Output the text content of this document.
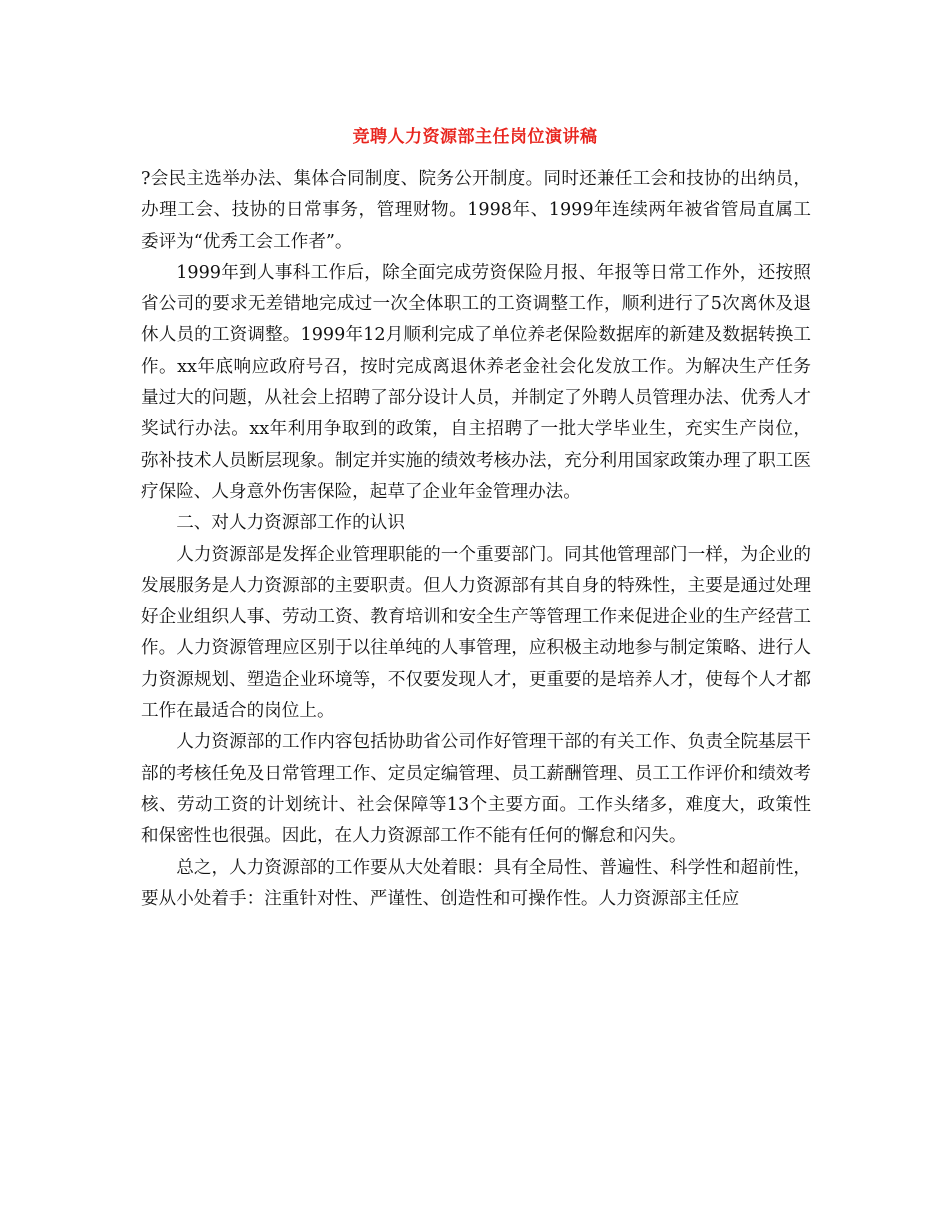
竞聘人力资源部主任岗位演讲稿

?会民主选举办法、集体合同制度、院务公开制度。同时还兼任工会和技协的出纳员，办理工会、技协的日常事务，管理财物。1998年、1999年连续两年被省管局直属工委评为“优秀工会工作者”。

1999年到人事科工作后，除全面完成劳资保险月报、年报等日常工作外，还按照省公司的要求无差错地完成过一次全体职工的工资调整工作，顺利进行了5次离休及退休人员的工资调整。1999年12月顺利完成了单位养老保险数据库的新建及数据转换工作。xx年底响应政府号召，按时完成离退休养老金社会化发放工作。为解决生产任务量过大的问题，从社会上招聘了部分设计人员，并制定了外聘人员管理办法、优秀人才奖试行办法。xx年利用争取到的政策，自主招聘了一批大学毕业生，充实生产岗位，弥补技术人员断层现象。制定并实施的绩效考核办法，充分利用国家政策办理了职工医疗保险、人身意外伤害保险，起草了企业年金管理办法。

二、对人力资源部工作的认识

人力资源部是发挥企业管理职能的一个重要部门。同其他管理部门一样，为企业的发展服务是人力资源部的主要职责。但人力资源部有其自身的特殊性，主要是通过处理好企业组织人事、劳动工资、教育培训和安全生产等管理工作来促进企业的生产经营工作。人力资源管理应区别于以往单纯的人事管理，应积极主动地参与制定策略、进行人力资源规划、塑造企业环境等，不仅要发现人才，更重要的是培养人才，使每个人才都工作在最适合的岗位上。

人力资源部的工作内容包括协助省公司作好管理干部的有关工作、负责全院基层干部的考核任免及日常管理工作、定员定编管理、员工薪酬管理、员工工作评价和绩效考核、劳动工资的计划统计、社会保障等13个主要方面。工作头绪多，难度大，政策性和保密性也很强。因此，在人力资源部工作不能有任何的懈怠和闪失。

总之，人力资源部的工作要从大处着眼：具有全局性、普遍性、科学性和超前性，要从小处着手：注重针对性、严谨性、创造性和可操作性。人力资源部主任应
